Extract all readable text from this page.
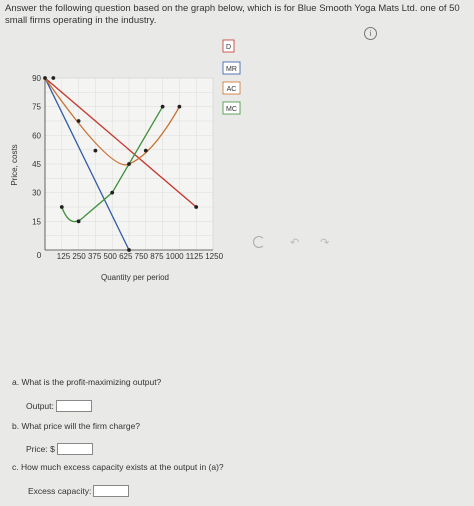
Answer the following question based on the graph below, which is for Blue Smooth Yoga Mats Ltd. one of 50 small firms operating in the industry.
i
15
30
45
60
75
90
0 125 250 375 500 625 750 875 1000 1125 1250
Price, costs
Quantity per period
D
MR
AC
MC
↶ ↷
a. What is the profit-maximizing output?
Output:
b. What price will the firm charge?
Price: $
c. How much excess capacity exists at the output in (a)?
Excess capacity:
